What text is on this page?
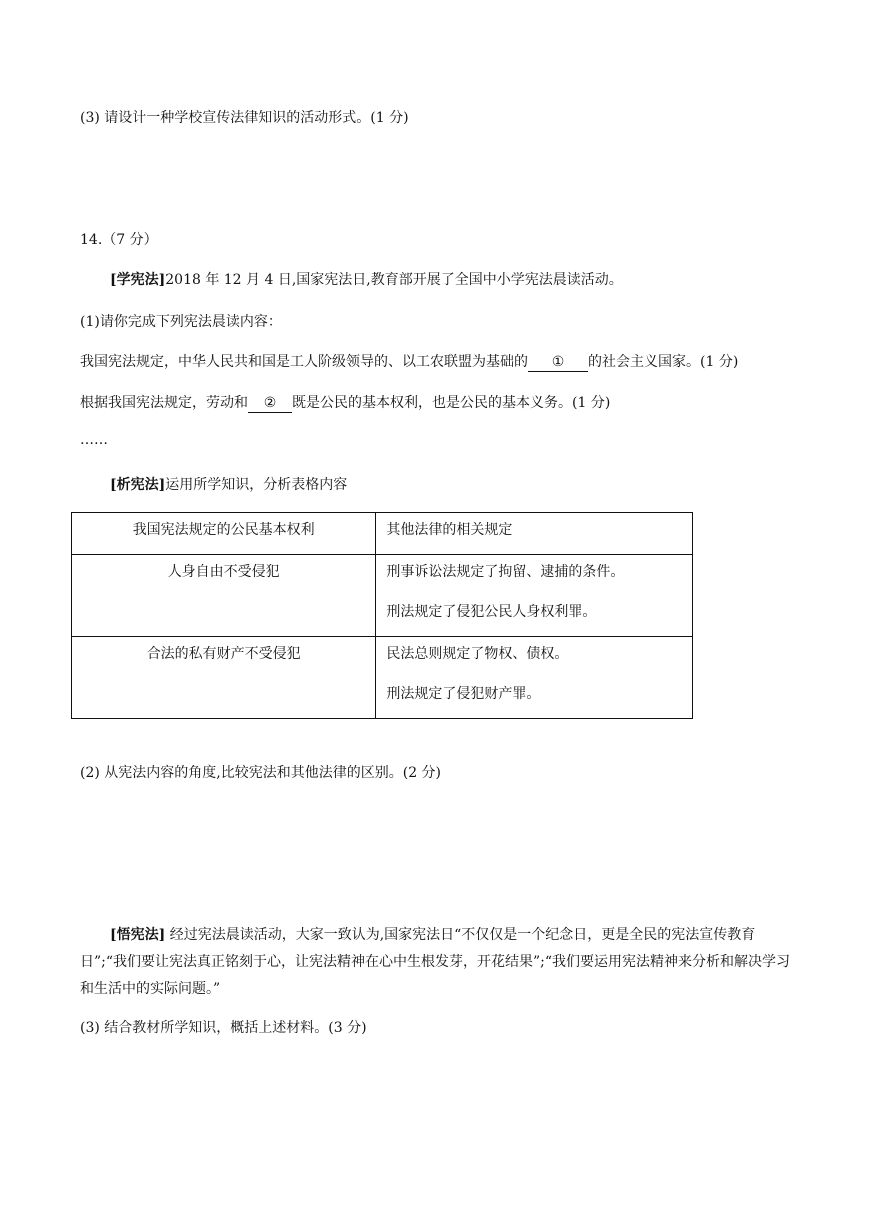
(3) 请设计一种学校宣传法律知识的活动形式。(1 分)
14.（7 分）
[学宪法]2018 年 12 月 4 日,国家宪法日,教育部开展了全国中小学宪法晨读活动。
(1)请你完成下列宪法晨读内容：
我国宪法规定，中华人民共和国是工人阶级领导的、以工农联盟为基础的 ① 的社会主义国家。(1 分)
根据我国宪法规定，劳动和 ② 既是公民的基本权利，也是公民的基本义务。(1 分)
……
[析宪法]运用所学知识，分析表格内容
我国宪法规定的公民基本权利	其他法律的相关规定

人身自由不受侵犯	刑事诉讼法规定了拘留、逮捕的条件。
刑法规定了侵犯公民人身权利罪。

合法的私有财产不受侵犯	民法总则规定了物权、债权。
刑法规定了侵犯财产罪。
(2) 从宪法内容的角度,比较宪法和其他法律的区别。(2 分)
[悟宪法] 经过宪法晨读活动，大家一致认为,国家宪法日“不仅仅是一个纪念日，更是全民的宪法宣传教育日”;“我们要让宪法真正铭刻于心，让宪法精神在心中生根发芽，开花结果”;“我们要运用宪法精神来分析和解决学习和生活中的实际问题。”
(3) 结合教材所学知识，概括上述材料。(3 分)
